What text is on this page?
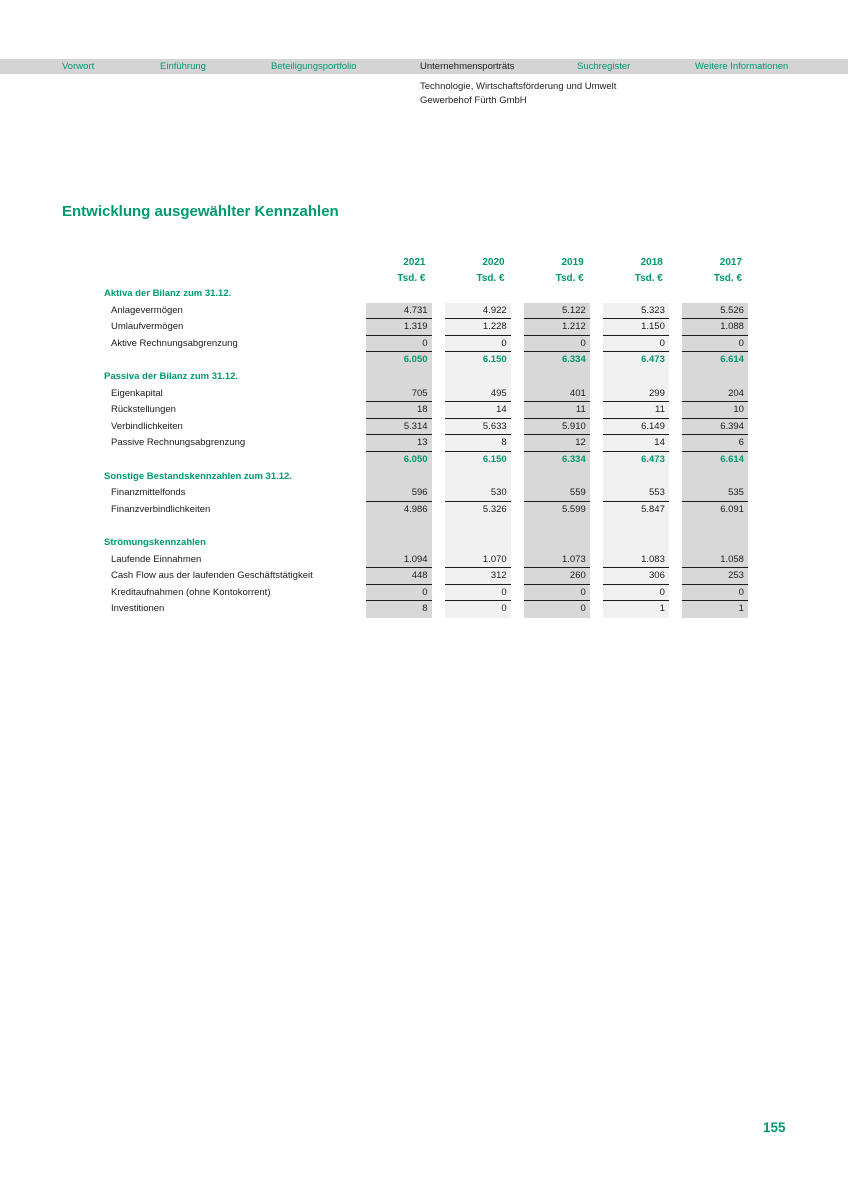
Vorwort	Einführung	Beteiligungsportfolio	Unternehmensporträts	Suchregister	Weitere Informationen
Technologie, Wirtschaftsförderung und Umwelt
Gewerbehof Fürth GmbH
Entwicklung ausgewählter Kennzahlen
2021	2020	2019	2018	2017
Tsd. €	Tsd. €	Tsd. €	Tsd. €	Tsd. €
Aktiva der Bilanz zum 31.12.
Anlagevermögen	4.731	4.922	5.122	5.323	5.526
Umlaufvermögen	1.319	1.228	1.212	1.150	1.088
Aktive Rechnungsabgrenzung	0	0	0	0	0
6.050	6.150	6.334	6.473	6.614
Passiva der Bilanz zum 31.12.
Eigenkapital	705	495	401	299	204
Rückstellungen	18	14	11	11	10
Verbindlichkeiten	5.314	5.633	5.910	6.149	6.394
Passive Rechnungsabgrenzung	13	8	12	14	6
6.050	6.150	6.334	6.473	6.614
Sonstige Bestandskennzahlen zum 31.12.
Finanzmittelfonds	596	530	559	553	535
Finanzverbindlichkeiten	4.986	5.326	5.599	5.847	6.091
Strömungskennzahlen
Laufende Einnahmen	1.094	1.070	1.073	1.083	1.058
Cash Flow aus der laufenden Geschäftstätigkeit	448	312	260	306	253
Kreditaufnahmen (ohne Kontokorrent)	0	0	0	0	0
Investitionen	8	0	0	1	1
155
